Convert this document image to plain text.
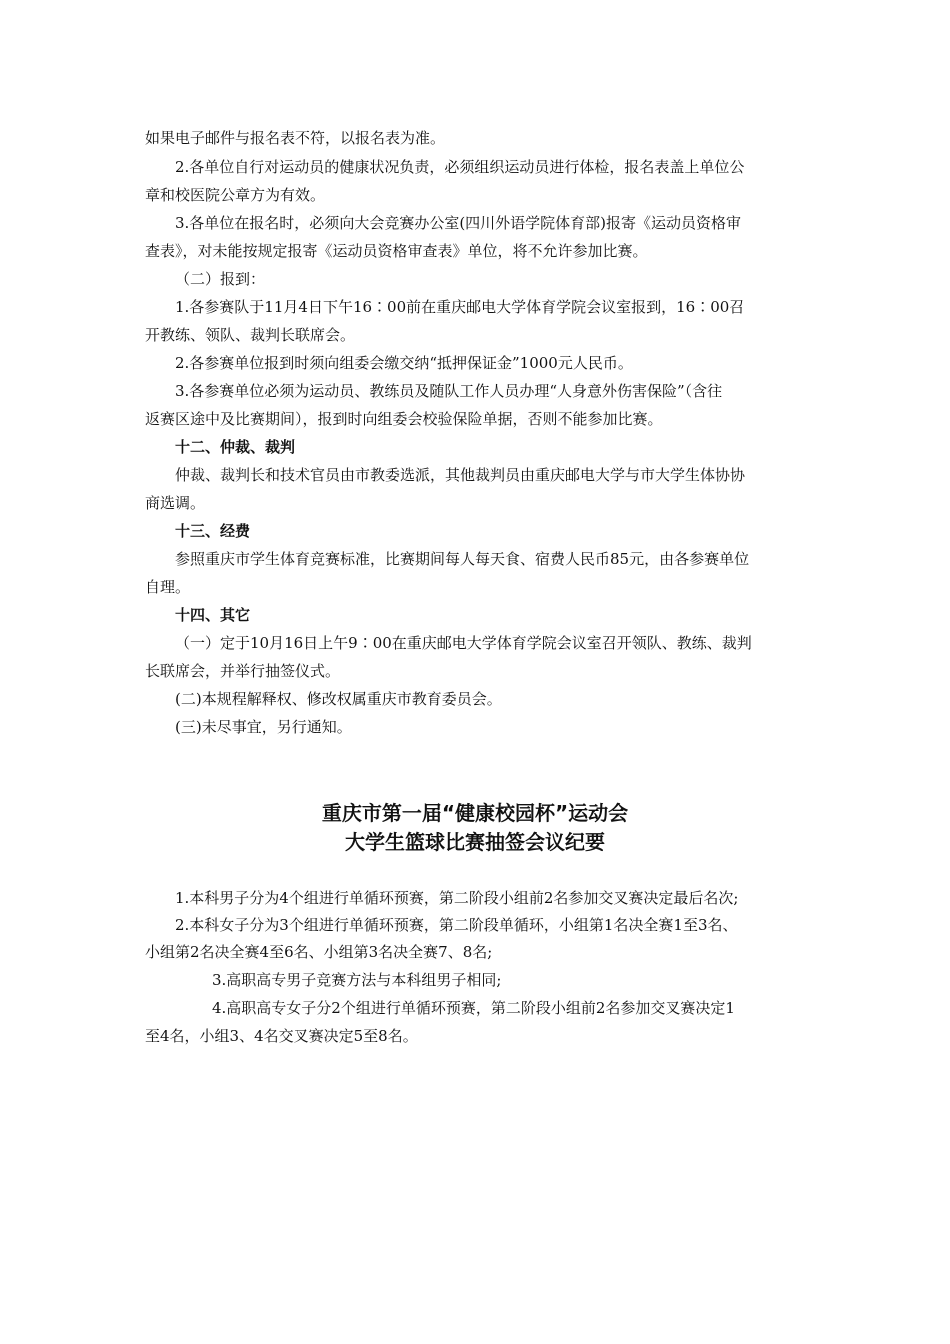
如果电子邮件与报名表不符，以报名表为准。
2.各单位自行对运动员的健康状况负责，必须组织运动员进行体检，报名表盖上单位公
章和校医院公章方为有效。
3.各单位在报名时，必须向大会竞赛办公室(四川外语学院体育部)报寄《运动员资格审
查表》，对未能按规定报寄《运动员资格审查表》单位，将不允许参加比赛。
（二）报到：
1.各参赛队于11月4日下午16∶00前在重庆邮电大学体育学院会议室报到，16∶00召
开教练、领队、裁判长联席会。
2.各参赛单位报到时须向组委会缴交纳“抵押保证金”1000元人民币。
3.各参赛单位必须为运动员、教练员及随队工作人员办理“人身意外伤害保险”（含往
返赛区途中及比赛期间），报到时向组委会校验保险单据，否则不能参加比赛。
十二、仲裁、裁判
仲裁、裁判长和技术官员由市教委选派，其他裁判员由重庆邮电大学与市大学生体协协
商选调。
十三、经费
参照重庆市学生体育竞赛标准，比赛期间每人每天食、宿费人民币85元，由各参赛单位
自理。
十四、其它
（一）定于10月16日上午9∶00在重庆邮电大学体育学院会议室召开领队、教练、裁判
长联席会，并举行抽签仪式。
(二)本规程解释权、修改权属重庆市教育委员会。
(三)未尽事宜，另行通知。
重庆市第一届“健康校园杯”运动会
大学生篮球比赛抽签会议纪要
1.本科男子分为4个组进行单循环预赛，第二阶段小组前2名参加交叉赛决定最后名次;
2.本科女子分为3个组进行单循环预赛，第二阶段单循环，小组第1名决全赛1至3名、
小组第2名决全赛4至6名、小组第3名决全赛7、8名;
3.高职高专男子竞赛方法与本科组男子相同;
4.高职高专女子分2个组进行单循环预赛，第二阶段小组前2名参加交叉赛决定1
至4名，小组3、4名交叉赛决定5至8名。
